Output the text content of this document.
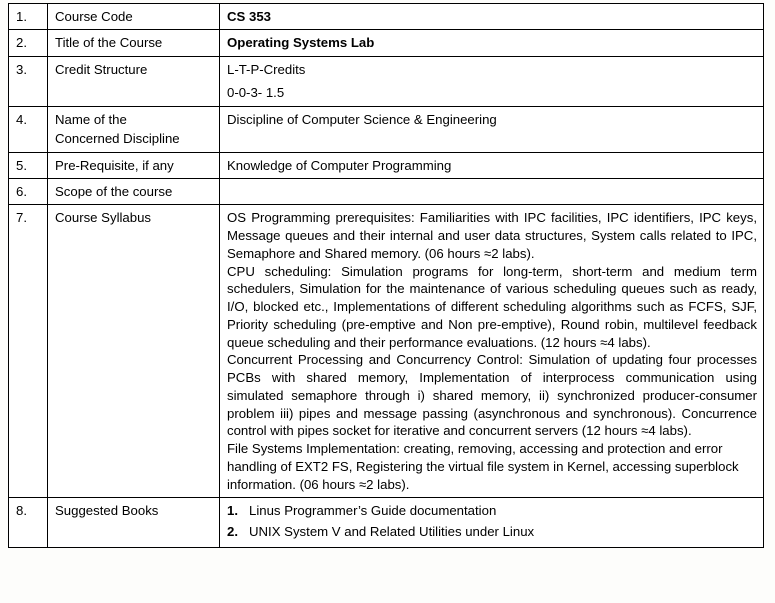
1.	Course Code	CS 353
2.	Title of the Course	Operating Systems Lab
3.	Credit Structure	L-T-P-Credits
0-0-3- 1.5

4.	Name of the
Concerned Discipline	Discipline of Computer Science & Engineering
5.	Pre-Requisite, if any	Knowledge of Computer Programming
6.	Scope of the course	
7.	Course Syllabus	OS Programming prerequisites: Familiarities with IPC facilities, IPC identifiers, IPC keys, Message queues and their internal and user data structures, System calls related to IPC, Semaphore and Shared memory. (06 hours ≈2 labs).

CPU scheduling: Simulation programs for long-term, short-term and medium term schedulers, Simulation for the maintenance of various scheduling queues such as ready, I/O, blocked etc., Implementations of different scheduling algorithms such as FCFS, SJF, Priority scheduling (pre-emptive and Non pre-emptive), Round robin, multilevel feedback queue scheduling and their performance evaluations. (12 hours ≈4 labs).

Concurrent Processing and Concurrency Control: Simulation of updating four processes PCBs with shared memory, Implementation of interprocess communication using simulated semaphore through i) shared memory, ii) synchronized producer-consumer problem iii) pipes and message passing (asynchronous and synchronous). Concurrence control with pipes socket for iterative and concurrent servers (12 hours ≈4 labs).

File Systems Implementation: creating, removing, accessing and protection and error handling of EXT2 FS, Registering the virtual file system in Kernel, accessing superblock information. (06 hours ≈2 labs).

8.	Suggested Books	1. Linus Programmer’s Guide documentation
2. UNIX System V and Related Utilities under Linux
